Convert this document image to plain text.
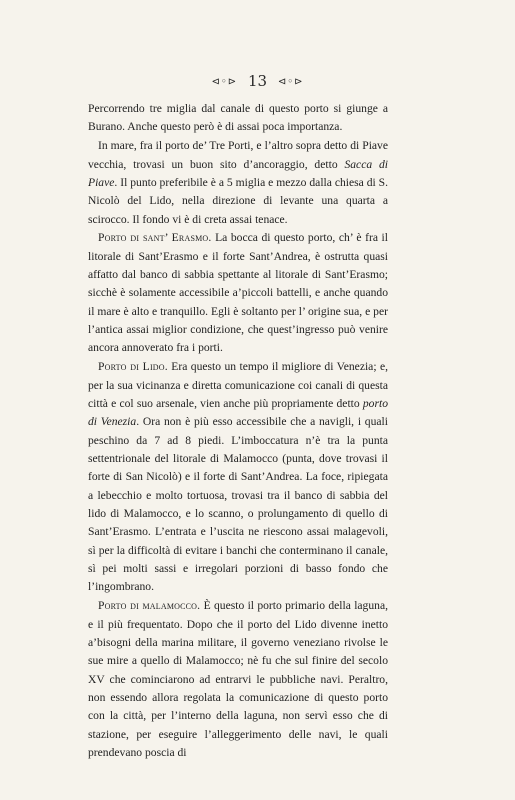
⊲◦⊳ 13 ⊲◦⊳

Percorrendo tre miglia dal canale di questo porto si giunge a Burano. Anche questo però è di assai poca importanza.

In mare, fra il porto de’ Tre Porti, e l’altro sopra detto di Piave vecchia, trovasi un buon sito d’ancoraggio, detto Sacca di Piave. Il punto preferibile è a 5 miglia e mezzo dalla chiesa di S. Nicolò del Lido, nella direzione di levante una quarta a scirocco. Il fondo vi è di creta assai tenace.

Porto di sant’ Erasmo. La bocca di questo porto, ch’ è fra il litorale di Sant’Erasmo e il forte Sant’Andrea, è ostrutta quasi affatto dal banco di sabbia spettante al litorale di Sant’Erasmo; sicchè è solamente accessibile a’piccoli battelli, e anche quando il mare è alto e tranquillo. Egli è soltanto per l’ origine sua, e per l’antica assai miglior condizione, che quest’ingresso può venire ancora annoverato fra i porti.

Porto di Lido. Era questo un tempo il migliore di Venezia; e, per la sua vicinanza e diretta comunicazione coi canali di questa città e col suo arsenale, vien anche più propriamente detto porto di Venezia. Ora non è più esso accessibile che a navigli, i quali peschino da 7 ad 8 piedi. L’imboccatura n’è tra la punta settentrionale del litorale di Malamocco (punta, dove trovasi il forte di San Nicolò) e il forte di Sant’Andrea. La foce, ripiegata a lebecchio e molto tortuosa, trovasi tra il banco di sabbia del lido di Malamocco, e lo scanno, o prolungamento di quello di Sant’Erasmo. L’entrata e l’uscita ne riescono assai malagevoli, sì per la difficoltà di evitare i banchi che conterminano il canale, sì pei molti sassi e irregolari porzioni di basso fondo che l’ingombrano.

Porto di malamocco. È questo il porto primario della laguna, e il più frequentato. Dopo che il porto del Lido divenne inetto a’bisogni della marina militare, il governo veneziano rivolse le sue mire a quello di Malamocco; nè fu che sul finire del secolo XV che cominciarono ad entrarvi le pubbliche navi. Peraltro, non essendo allora regolata la comunicazione di questo porto con la città, per l’interno della laguna, non servì esso che di stazione, per eseguire l’alleggerimento delle navi, le quali prendevano poscia di
